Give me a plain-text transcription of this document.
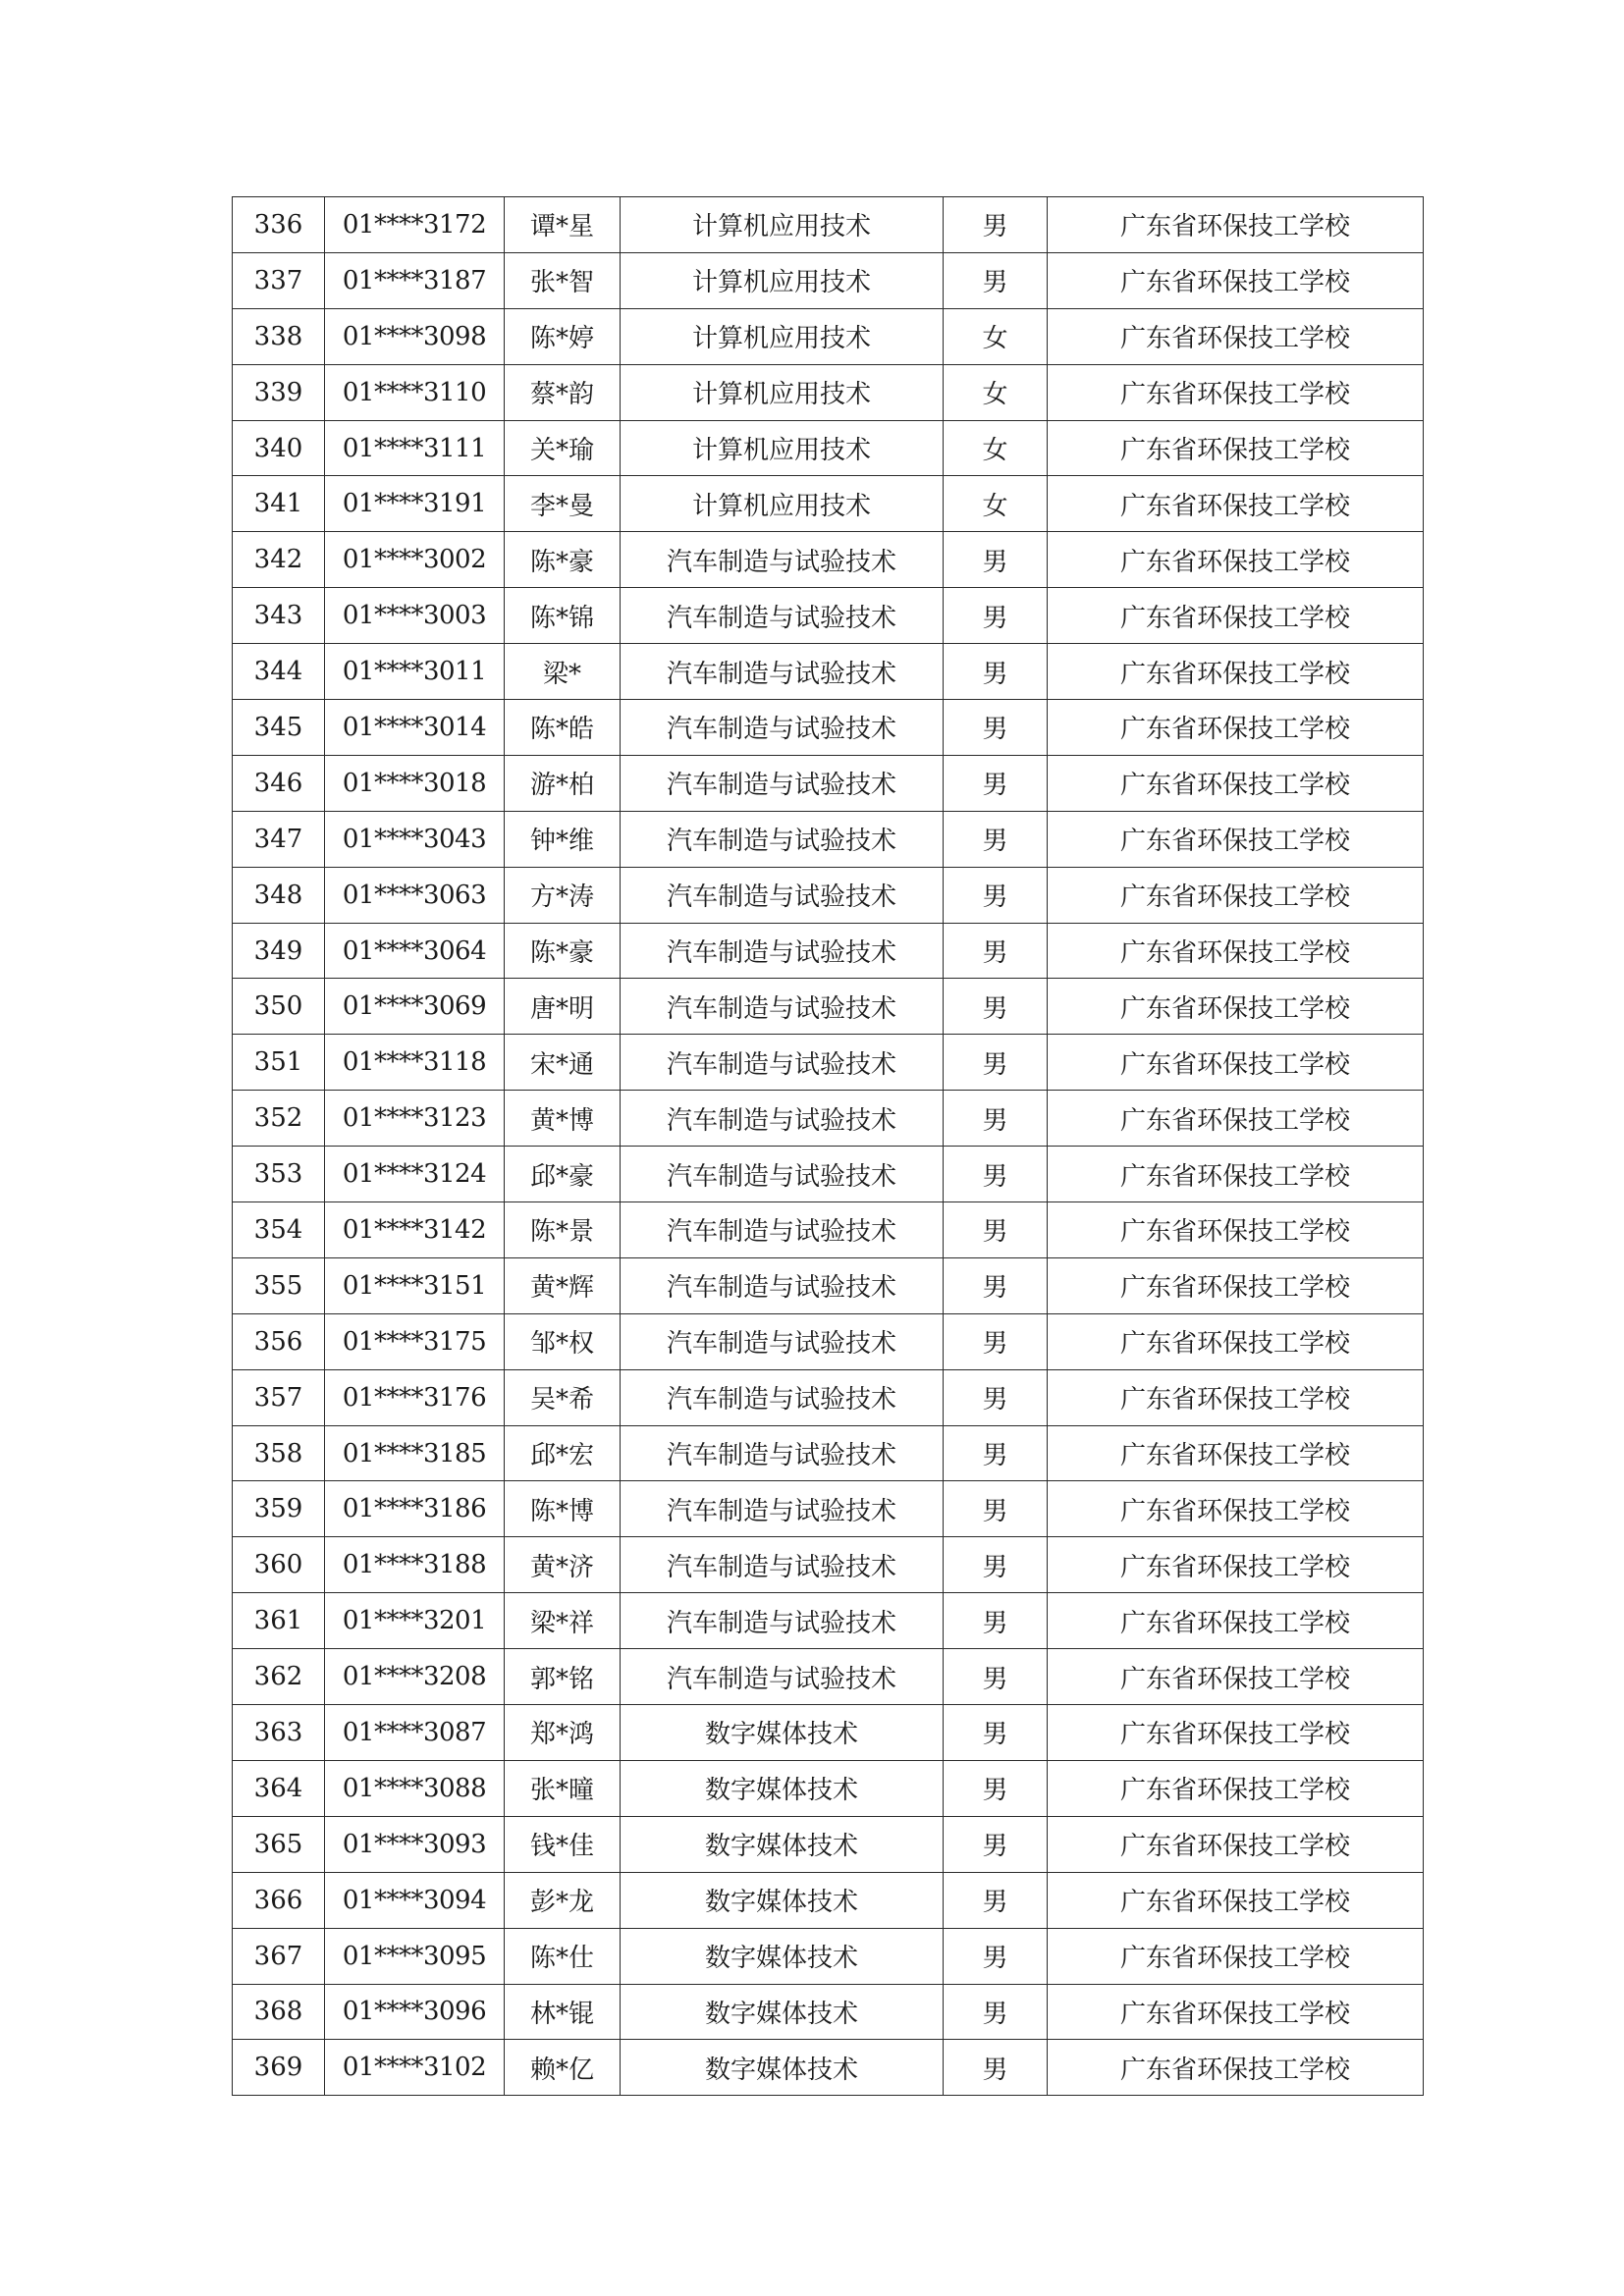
336	01****3172	谭*星	计算机应用技术	男	广东省环保技工学校
337	01****3187	张*智	计算机应用技术	男	广东省环保技工学校
338	01****3098	陈*婷	计算机应用技术	女	广东省环保技工学校
339	01****3110	蔡*韵	计算机应用技术	女	广东省环保技工学校
340	01****3111	关*瑜	计算机应用技术	女	广东省环保技工学校
341	01****3191	李*曼	计算机应用技术	女	广东省环保技工学校
342	01****3002	陈*豪	汽车制造与试验技术	男	广东省环保技工学校
343	01****3003	陈*锦	汽车制造与试验技术	男	广东省环保技工学校
344	01****3011	梁*	汽车制造与试验技术	男	广东省环保技工学校
345	01****3014	陈*皓	汽车制造与试验技术	男	广东省环保技工学校
346	01****3018	游*柏	汽车制造与试验技术	男	广东省环保技工学校
347	01****3043	钟*维	汽车制造与试验技术	男	广东省环保技工学校
348	01****3063	方*涛	汽车制造与试验技术	男	广东省环保技工学校
349	01****3064	陈*豪	汽车制造与试验技术	男	广东省环保技工学校
350	01****3069	唐*明	汽车制造与试验技术	男	广东省环保技工学校
351	01****3118	宋*通	汽车制造与试验技术	男	广东省环保技工学校
352	01****3123	黄*博	汽车制造与试验技术	男	广东省环保技工学校
353	01****3124	邱*豪	汽车制造与试验技术	男	广东省环保技工学校
354	01****3142	陈*景	汽车制造与试验技术	男	广东省环保技工学校
355	01****3151	黄*辉	汽车制造与试验技术	男	广东省环保技工学校
356	01****3175	邹*权	汽车制造与试验技术	男	广东省环保技工学校
357	01****3176	吴*希	汽车制造与试验技术	男	广东省环保技工学校
358	01****3185	邱*宏	汽车制造与试验技术	男	广东省环保技工学校
359	01****3186	陈*博	汽车制造与试验技术	男	广东省环保技工学校
360	01****3188	黄*济	汽车制造与试验技术	男	广东省环保技工学校
361	01****3201	梁*祥	汽车制造与试验技术	男	广东省环保技工学校
362	01****3208	郭*铭	汽车制造与试验技术	男	广东省环保技工学校
363	01****3087	郑*鸿	数字媒体技术	男	广东省环保技工学校
364	01****3088	张*曈	数字媒体技术	男	广东省环保技工学校
365	01****3093	钱*佳	数字媒体技术	男	广东省环保技工学校
366	01****3094	彭*龙	数字媒体技术	男	广东省环保技工学校
367	01****3095	陈*仕	数字媒体技术	男	广东省环保技工学校
368	01****3096	林*锟	数字媒体技术	男	广东省环保技工学校
369	01****3102	赖*亿	数字媒体技术	男	广东省环保技工学校
